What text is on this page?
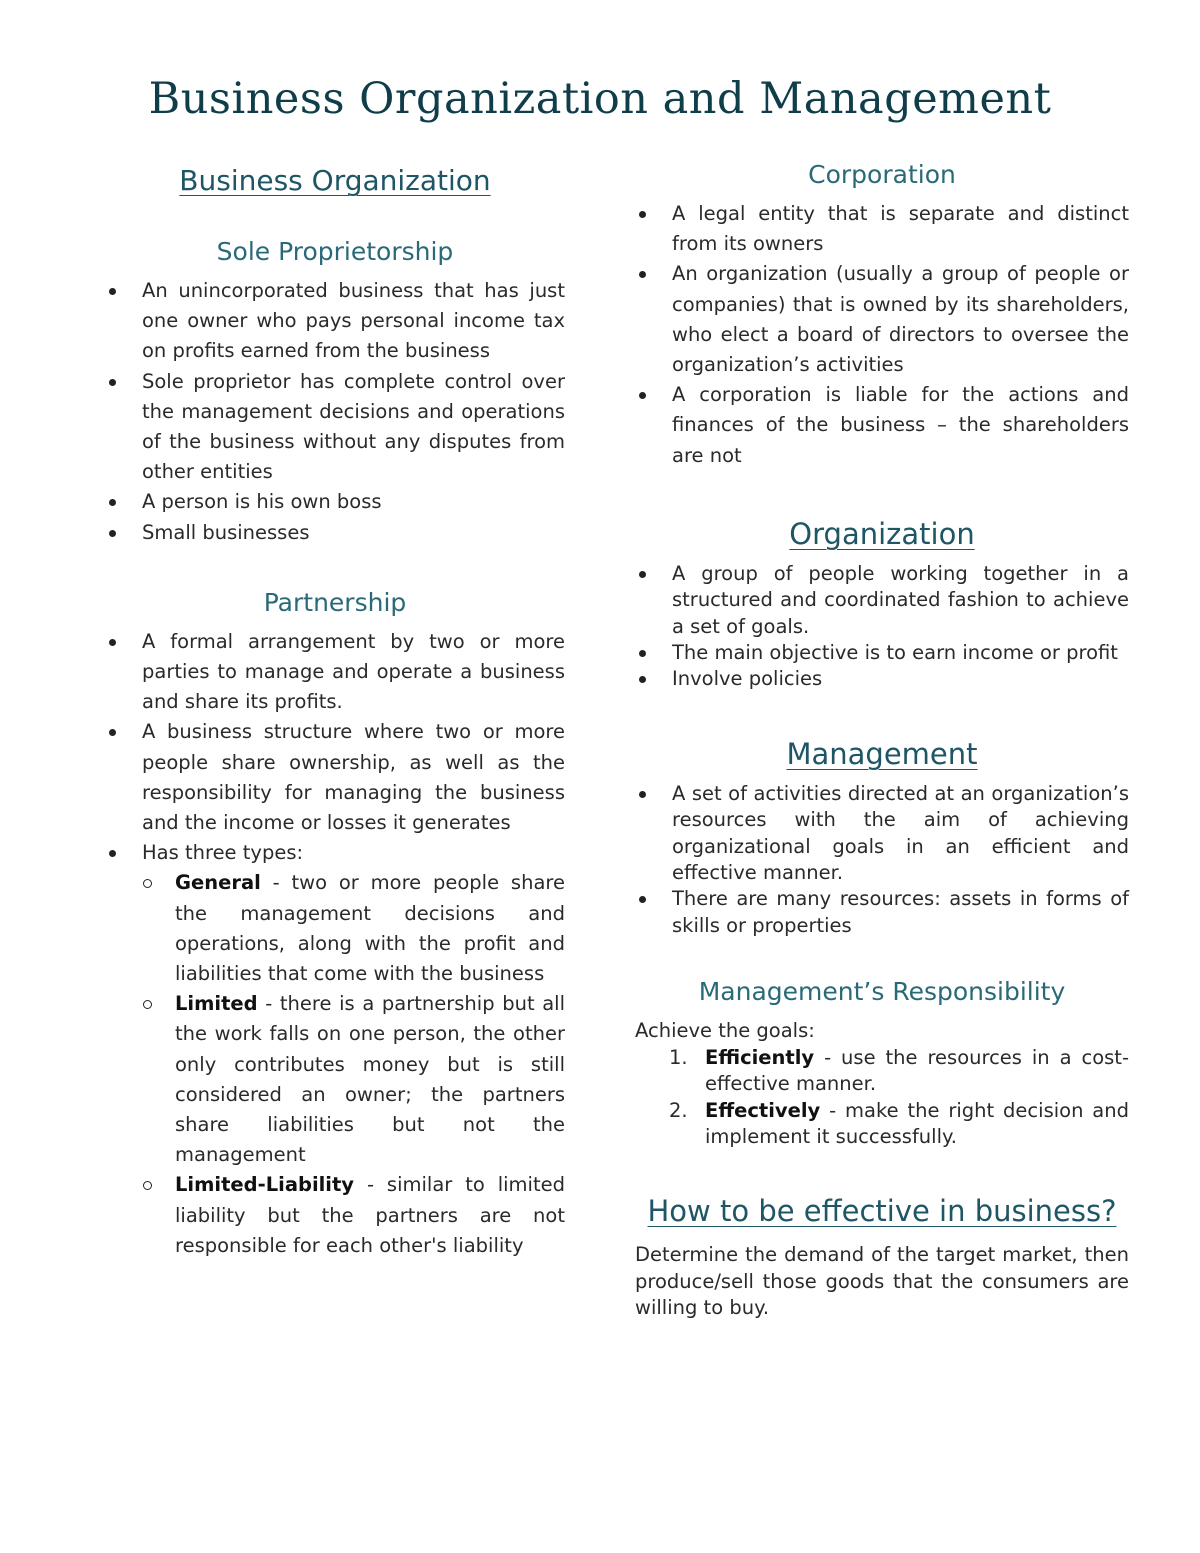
Business Organization and Management
Business Organization
Sole Proprietorship
An unincorporated business that has just one owner who pays personal income tax on profits earned from the business
Sole proprietor has complete control over the management decisions and operations of the business without any disputes from other entities
A person is his own boss
Small businesses
Partnership
A formal arrangement by two or more parties to manage and operate a business and share its profits.
A business structure where two or more people share ownership, as well as the responsibility for managing the business and the income or losses it generates
Has three types:
General - two or more people share the management decisions and operations, along with the profit and liabilities that come with the business
Limited - there is a partnership but all the work falls on one person, the other only contributes money but is still considered an owner; the partners share liabilities but not the management
Limited-Liability - similar to limited liability but the partners are not responsible for each other's liability
Corporation
A legal entity that is separate and distinct from its owners
An organization (usually a group of people or companies) that is owned by its shareholders, who elect a board of directors to oversee the organization’s activities
A corporation is liable for the actions and finances of the business – the shareholders are not
Organization
A group of people working together in a structured and coordinated fashion to achieve a set of goals.
The main objective is to earn income or profit
Involve policies
Management
A set of activities directed at an organization’s resources with the aim of achieving organizational goals in an efficient and effective manner.
There are many resources: assets in forms of skills or properties
Management’s Responsibility

Achieve the goals:

1. Efficiently - use the resources in a cost-effective manner.
2. Effectively - make the right decision and implement it successfully.
How to be effective in business?

Determine the demand of the target market, then produce/sell those goods that the consumers are willing to buy.
